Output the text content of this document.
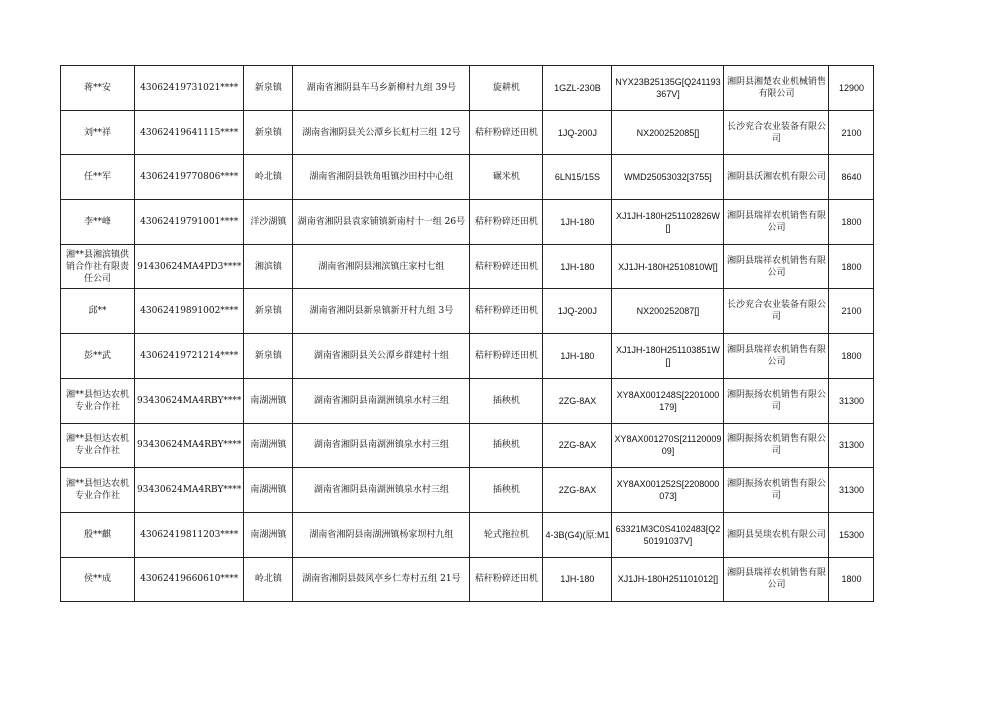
蒋**安	43062419731021****	新泉镇	湖南省湘阴县车马乡新柳村九组 39号	旋耕机	1GZL-230B	NYX23B25135G[Q241193367V]	湘阴县湘楚农业机械销售有限公司	12900
刘**祥	43062419641115****	新泉镇	湖南省湘阴县关公潭乡长虹村三组 12号	秸秆粉碎还田机	1JQ-200J	NX200252085[]	长沙兖合农业装备有限公司	2100
任**军	43062419770806****	岭北镇	湖南省湘阴县铁角咀镇沙田村中心组	碾米机	6LN15/15S	WMD25053032[3755]	湘阴县沃湘农机有限公司	8640
李**峰	43062419791001****	洋沙湖镇	湖南省湘阴县袁家铺镇新南村十一组 26号	秸秆粉碎还田机	1JH-180	XJ1JH-180H251102826W[]	湘阴县瑞祥农机销售有限公司	1800
湘**县湘滨镇供销合作社有限责任公司	91430624MA4PD3****	湘滨镇	湖南省湘阴县湘滨镇庄家村七组	秸秆粉碎还田机	1JH-180	XJ1JH-180H2510810W[]	湘阴县瑞祥农机销售有限公司	1800
邱**	43062419891002****	新泉镇	湖南省湘阴县新泉镇新开村九组 3号	秸秆粉碎还田机	1JQ-200J	NX200252087[]	长沙兖合农业装备有限公司	2100
彭**武	43062419721214****	新泉镇	湖南省湘阴县关公潭乡群建村十组	秸秆粉碎还田机	1JH-180	XJ1JH-180H251103851W[]	湘阴县瑞祥农机销售有限公司	1800
湘**县恒达农机专业合作社	93430624MA4RBY****	南湖洲镇	湖南省湘阴县南湖洲镇泉水村三组	插秧机	2ZG-8AX	XY8AX001248S[2201000179]	湘阴振扬农机销售有限公司	31300
湘**县恒达农机专业合作社	93430624MA4RBY****	南湖洲镇	湖南省湘阴县南湖洲镇泉水村三组	插秧机	2ZG-8AX	XY8AX001270S[2112000909]	湘阴振扬农机销售有限公司	31300
湘**县恒达农机专业合作社	93430624MA4RBY****	南湖洲镇	湖南省湘阴县南湖洲镇泉水村三组	插秧机	2ZG-8AX	XY8AX001252S[2208000073]	湘阴振扬农机销售有限公司	31300
殷**麒	43062419811203****	南湖洲镇	湖南省湘阴县南湖洲镇杨家坝村九组	轮式拖拉机	4-3B(G4)(原:M1	63321M3C0S4102483[Q250191037V]	湘阴县昊琰农机有限公司	15300
侯**成	43062419660610****	岭北镇	湖南省湘阴县鼓风亭乡仁寿村五组 21号	秸秆粉碎还田机	1JH-180	XJ1JH-180H251101012[]	湘阴县瑞祥农机销售有限公司	1800
